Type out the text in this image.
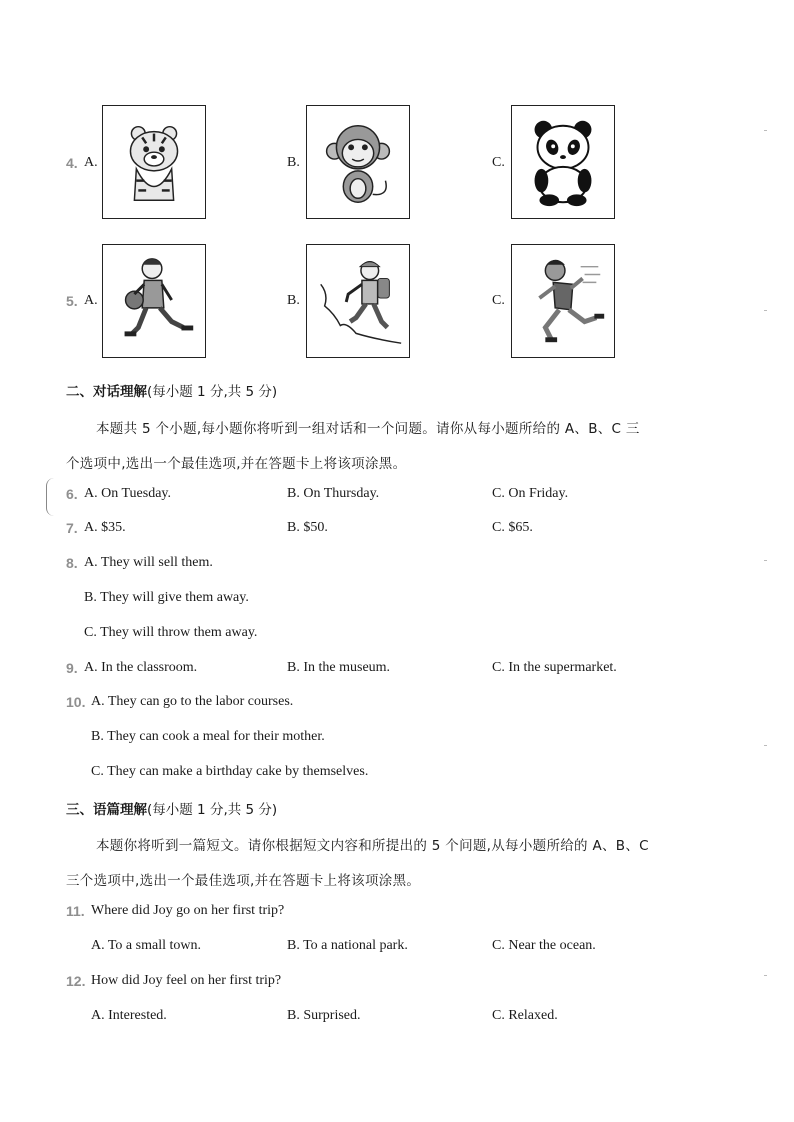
4. A.	B.	C.
5. A.	B.	C.
二、对话理解(每小题 1 分,共 5 分)
本题共 5 个小题,每小题你将听到一组对话和一个问题。请你从每小题所给的 A、B、C 三
个选项中,选出一个最佳选项,并在答题卡上将该项涂黑。
6. A. On Tuesday.	B. On Thursday.	C. On Friday.
7. A. $35.	B. $50.	C. $65.
8. A. They will sell them.
B. They will give them away.
C. They will throw them away.
9. A. In the classroom.	B. In the museum.	C. In the supermarket.
10. A. They can go to the labor courses.
B. They can cook a meal for their mother.
C. They can make a birthday cake by themselves.
三、语篇理解(每小题 1 分,共 5 分)
本题你将听到一篇短文。请你根据短文内容和所提出的 5 个问题,从每小题所给的 A、B、C
三个选项中,选出一个最佳选项,并在答题卡上将该项涂黑。
11. Where did Joy go on her first trip?
A. To a small town.	B. To a national park.	C. Near the ocean.
12. How did Joy feel on her first trip?
A. Interested.	B. Surprised.	C. Relaxed.
